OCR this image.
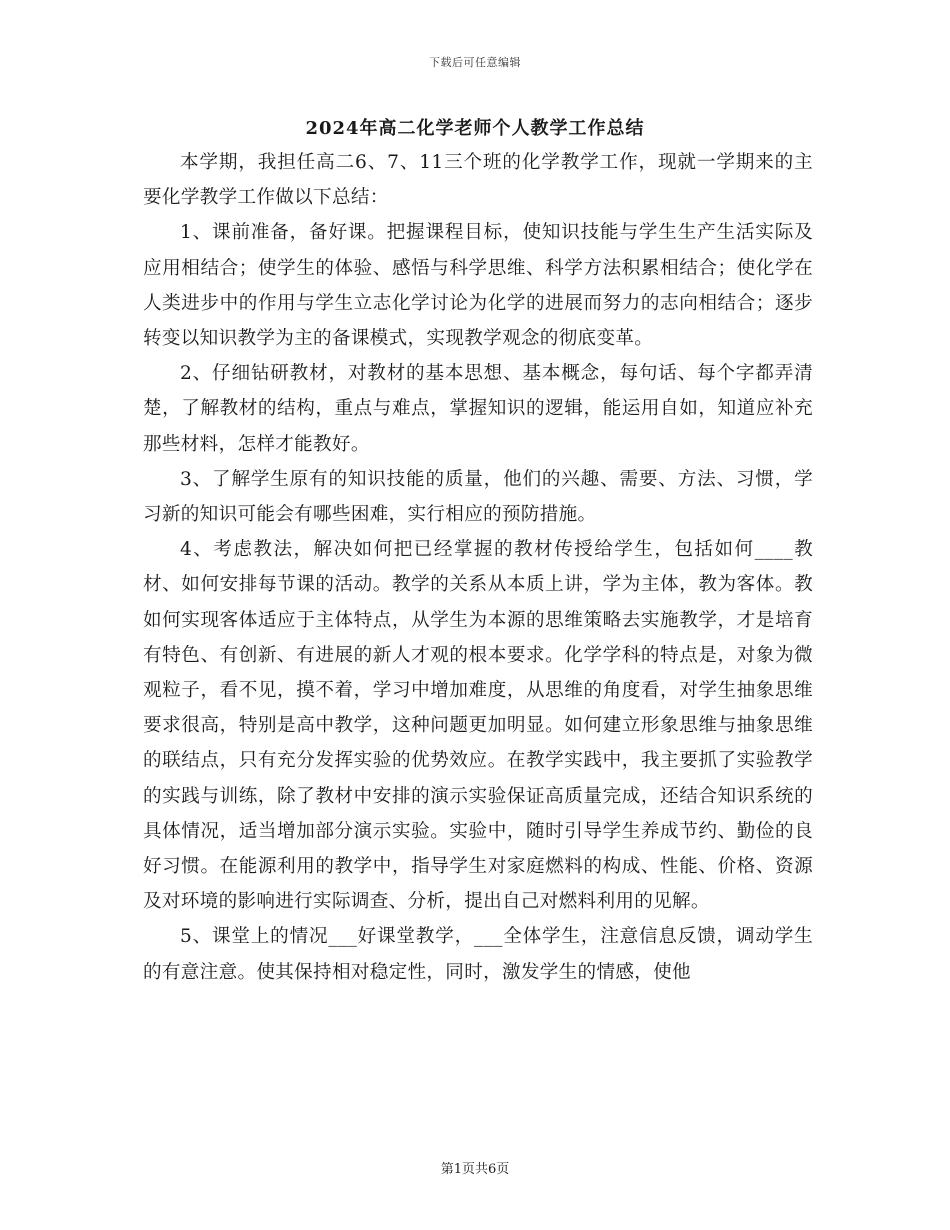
下载后可任意编辑
2024年高二化学老师个人教学工作总结

本学期，我担任高二6、7、11三个班的化学教学工作，现就一学期来的主要化学教学工作做以下总结：

1、课前准备，备好课。把握课程目标，使知识技能与学生生产生活实际及应用相结合；使学生的体验、感悟与科学思维、科学方法积累相结合；使化学在人类进步中的作用与学生立志化学讨论为化学的进展而努力的志向相结合；逐步转变以知识教学为主的备课模式，实现教学观念的彻底变革。

2、仔细钻研教材，对教材的基本思想、基本概念，每句话、每个字都弄清楚，了解教材的结构，重点与难点，掌握知识的逻辑，能运用自如，知道应补充那些材料，怎样才能教好。

3、了解学生原有的知识技能的质量，他们的兴趣、需要、方法、习惯，学习新的知识可能会有哪些困难，实行相应的预防措施。

4、考虑教法，解决如何把已经掌握的教材传授给学生，包括如何____教材、如何安排每节课的活动。教学的关系从本质上讲，学为主体，教为客体。教如何实现客体适应于主体特点，从学生为本源的思维策略去实施教学，才是培育有特色、有创新、有进展的新人才观的根本要求。化学学科的特点是，对象为微观粒子，看不见，摸不着，学习中增加难度，从思维的角度看，对学生抽象思维要求很高，特别是高中教学，这种问题更加明显。如何建立形象思维与抽象思维的联结点，只有充分发挥实验的优势效应。在教学实践中，我主要抓了实验教学的实践与训练，除了教材中安排的演示实验保证高质量完成，还结合知识系统的具体情况，适当增加部分演示实验。实验中，随时引导学生养成节约、勤俭的良好习惯。在能源利用的教学中，指导学生对家庭燃料的构成、性能、价格、资源及对环境的影响进行实际调查、分析，提出自己对燃料利用的见解。

5、课堂上的情况___好课堂教学，___全体学生，注意信息反馈，调动学生的有意注意。使其保持相对稳定性，同时，激发学生的情感，使他

第1页共6页
